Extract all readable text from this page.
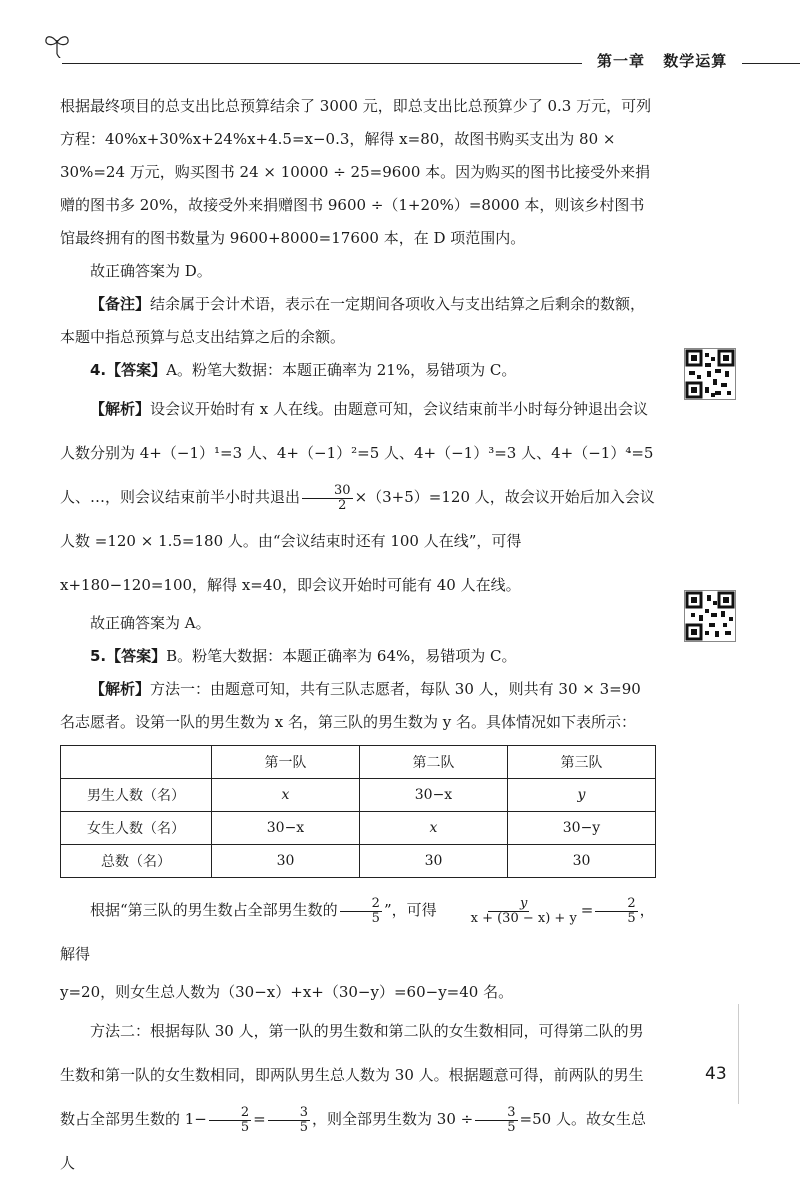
第一章 数学运算

根据最终项目的总支出比总预算结余了 3000 元，即总支出比总预算少了 0.3 万元，可列方程：40%x+30%x+24%x+4.5=x−0.3，解得 x=80，故图书购买支出为 80 × 30%=24 万元，购买图书 24 × 10000 ÷ 25=9600 本。因为购买的图书比接受外来捐赠的图书多 20%，故接受外来捐赠图书 9600 ÷（1+20%）=8000 本，则该乡村图书馆最终拥有的图书数量为 9600+8000=17600 本，在 D 项范围内。

故正确答案为 D。

【备注】结余属于会计术语，表示在一定期间各项收入与支出结算之后剩余的数额，本题中指总预算与总支出结算之后的余额。

4.【答案】A。粉笔大数据：本题正确率为 21%，易错项为 C。

【解析】设会议开始时有 x 人在线。由题意可知，会议结束前半小时每分钟退出会议人数分别为 4+（−1）¹=3 人、4+（−1）²=5 人、4+（−1）³=3 人、4+（−1）⁴=5 人、…，则会议结束前半小时共退出 $\frac{30}{2} \times(3+5)=120$ 人，故会议开始后加入会议人数 =120 × 1.5=180 人。由“会议结束时还有 100 人在线”，可得 x+180−120=100，解得 x=40，即会议开始时可能有 40 人在线。

故正确答案为 A。

5.【答案】B。粉笔大数据：本题正确率为 64%，易错项为 C。

【解析】方法一：由题意可知，共有三队志愿者，每队 30 人，则共有 30 × 3=90 名志愿者。设第一队的男生数为 x 名，第三队的男生数为 y 名。具体情况如下表所示：

	第一队	第二队	第三队
男生人数（名）	x	30−x	y
女生人数（名）	30−x	x	30−y
总数（名）	30	30	30

根据“第三队的男生数占全部男生数的 $\frac{2}{5}$ ”，可得 $\frac{y}{x + (30 - x) + y} = \frac{2}{5}$ ，解得

y=20，则女生总人数为（30−x）+x+（30−y）=60−y=40 名。

方法二：根据每队 30 人，第一队的男生数和第二队的女生数相同，可得第二队的男生数和第一队的女生数相同，即两队男生总人数为 30 人。根据题意可得，前两队的男生数占全部男生数的 $1- \frac{2}{5} = \frac{3}{5}$ ，则全部男生数为 $30 \div \frac{3}{5} =50$ 人。故女生总人

43
